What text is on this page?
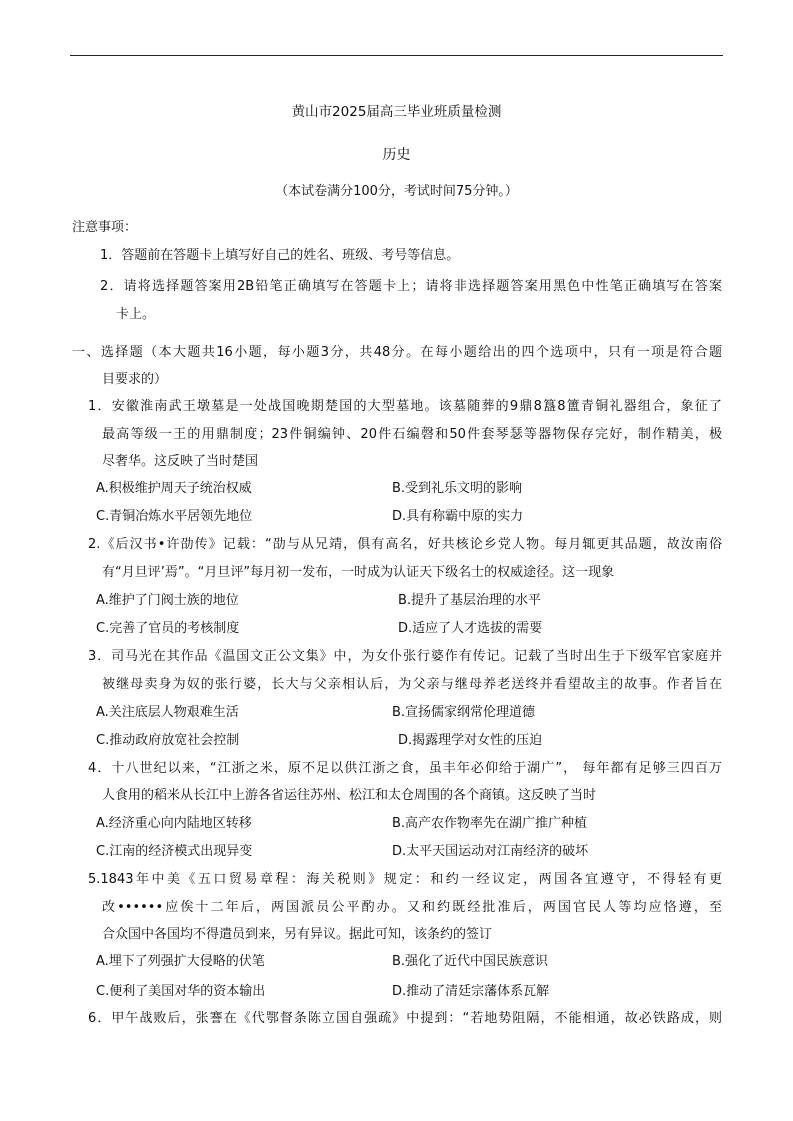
黄山市2025届高三毕业班质量检测
历史
（本试卷满分100分，考试时间75分钟。）
注意事项：
1．答题前在答题卡上填写好自己的姓名、班级、考号等信息。
2．请将选择题答案用2B铅笔正确填写在答题卡上；请将非选择题答案用黑色中性笔正确填写在答案
卡上。
一、选择题（本大题共16小题，每小题3分，共48分。在每小题给出的四个选项中，只有一项是符合题
目要求的）
1．安徽淮南武王墩墓是一处战国晚期楚国的大型墓地。该墓随葬的9鼎8簋8簠青铜礼器组合，象征了
最高等级一王的用鼎制度；23件铜编钟、20件石编磬和50件套琴瑟等器物保存完好，制作精美，极
尽奢华。这反映了当时楚国
A.积极维护周天子统治权威	B.受到礼乐文明的影响
C.青铜冶炼水平居领先地位	D.具有称霸中原的实力
2.《后汉书•许劭传》记载：“劭与从兄靖，俱有高名，好共核论乡党人物。每月辄更其品题，故汝南俗
有“月旦评’焉”。“月旦评”每月初一发布，一时成为认证天下级名士的权威途径。这一现象
A.维护了门阀士族的地位	B.提升了基层治理的水平
C.完善了官员的考核制度	D.适应了人才选拔的需要
3．司马光在其作品《温国文正公文集》中，为女仆张行婆作有传记。记载了当时出生于下级军官家庭并
被继母卖身为奴的张行婆，长大与父亲相认后，为父亲与继母养老送终并看望故主的故事。作者旨在
A.关注底层人物艰难生活	B.宣扬儒家纲常伦理道德
C.推动政府放宽社会控制	D.揭露理学对女性的压迫
4．十八世纪以来，“江浙之米，原不足以供江浙之食，虽丰年必仰给于湖广”， 每年都有足够三四百万
人食用的稻米从长江中上游各省运往苏州、松江和太仓周围的各个商镇。这反映了当时
A.经济重心向内陆地区转移	B.高产农作物率先在湖广推广种植
C.江南的经济模式出现异变	D.太平天国运动对江南经济的破坏
5.1843年中美《五口贸易章程：海关税则》规定：和约一经议定，两国各宜遵守，不得轻有更
改••••••应俟十二年后，两国派员公平酌办。又和约既经批准后，两国官民人等均应恪遵，至
合众国中各国均不得遣员到来，另有异议。据此可知，该条约的签订
A.埋下了列强扩大侵略的伏笔	B.强化了近代中国民族意识
C.便利了美国对华的资本输出	D.推动了清廷宗藩体系瓦解
6．甲午战败后，张謇在《代鄂督条陈立国自强疏》中提到：“若地势阻隔，不能相通，故必铁路成，则
